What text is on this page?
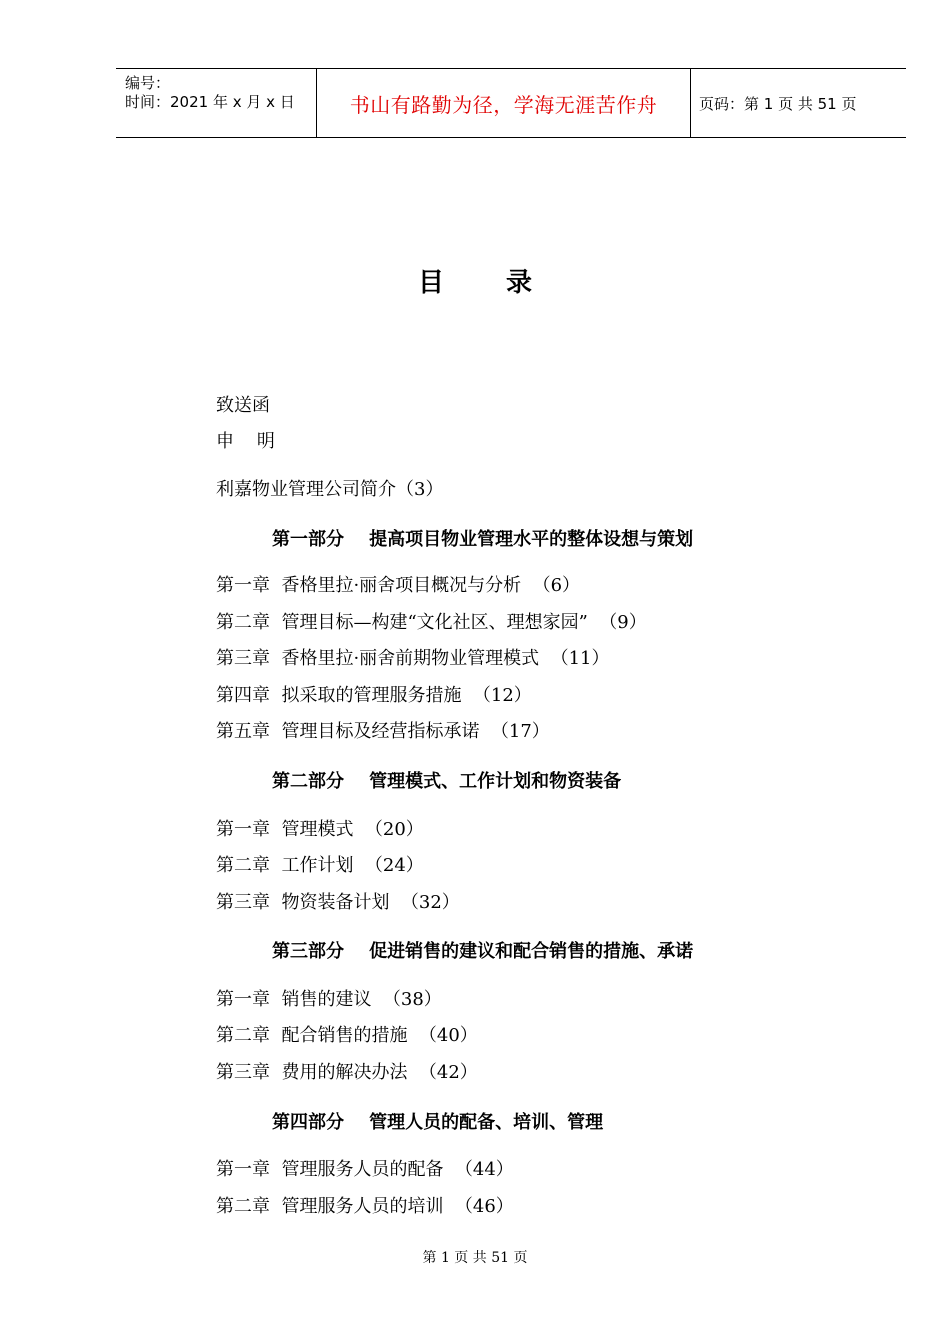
编号：
时间：2021 年 x 月 x 日	书山有路勤为径，学海无涯苦作舟	页码：第 1 页 共 51 页
目 录
致送函
申    明
利嘉物业管理公司简介（3）
第一部分    提高项目物业管理水平的整体设想与策划
第一章  香格里拉·丽舍项目概况与分析  （6）
第二章  管理目标—构建“文化社区、理想家园”  （9）
第三章  香格里拉·丽舍前期物业管理模式  （11）
第四章  拟采取的管理服务措施  （12）
第五章  管理目标及经营指标承诺  （17）
第二部分    管理模式、工作计划和物资装备
第一章  管理模式  （20）
第二章  工作计划  （24）
第三章  物资装备计划  （32）
第三部分    促进销售的建议和配合销售的措施、承诺
第一章  销售的建议  （38）
第二章  配合销售的措施  （40）
第三章  费用的解决办法  （42）
第四部分    管理人员的配备、培训、管理
第一章  管理服务人员的配备  （44）
第二章  管理服务人员的培训  （46）
第 1 页 共 51 页
